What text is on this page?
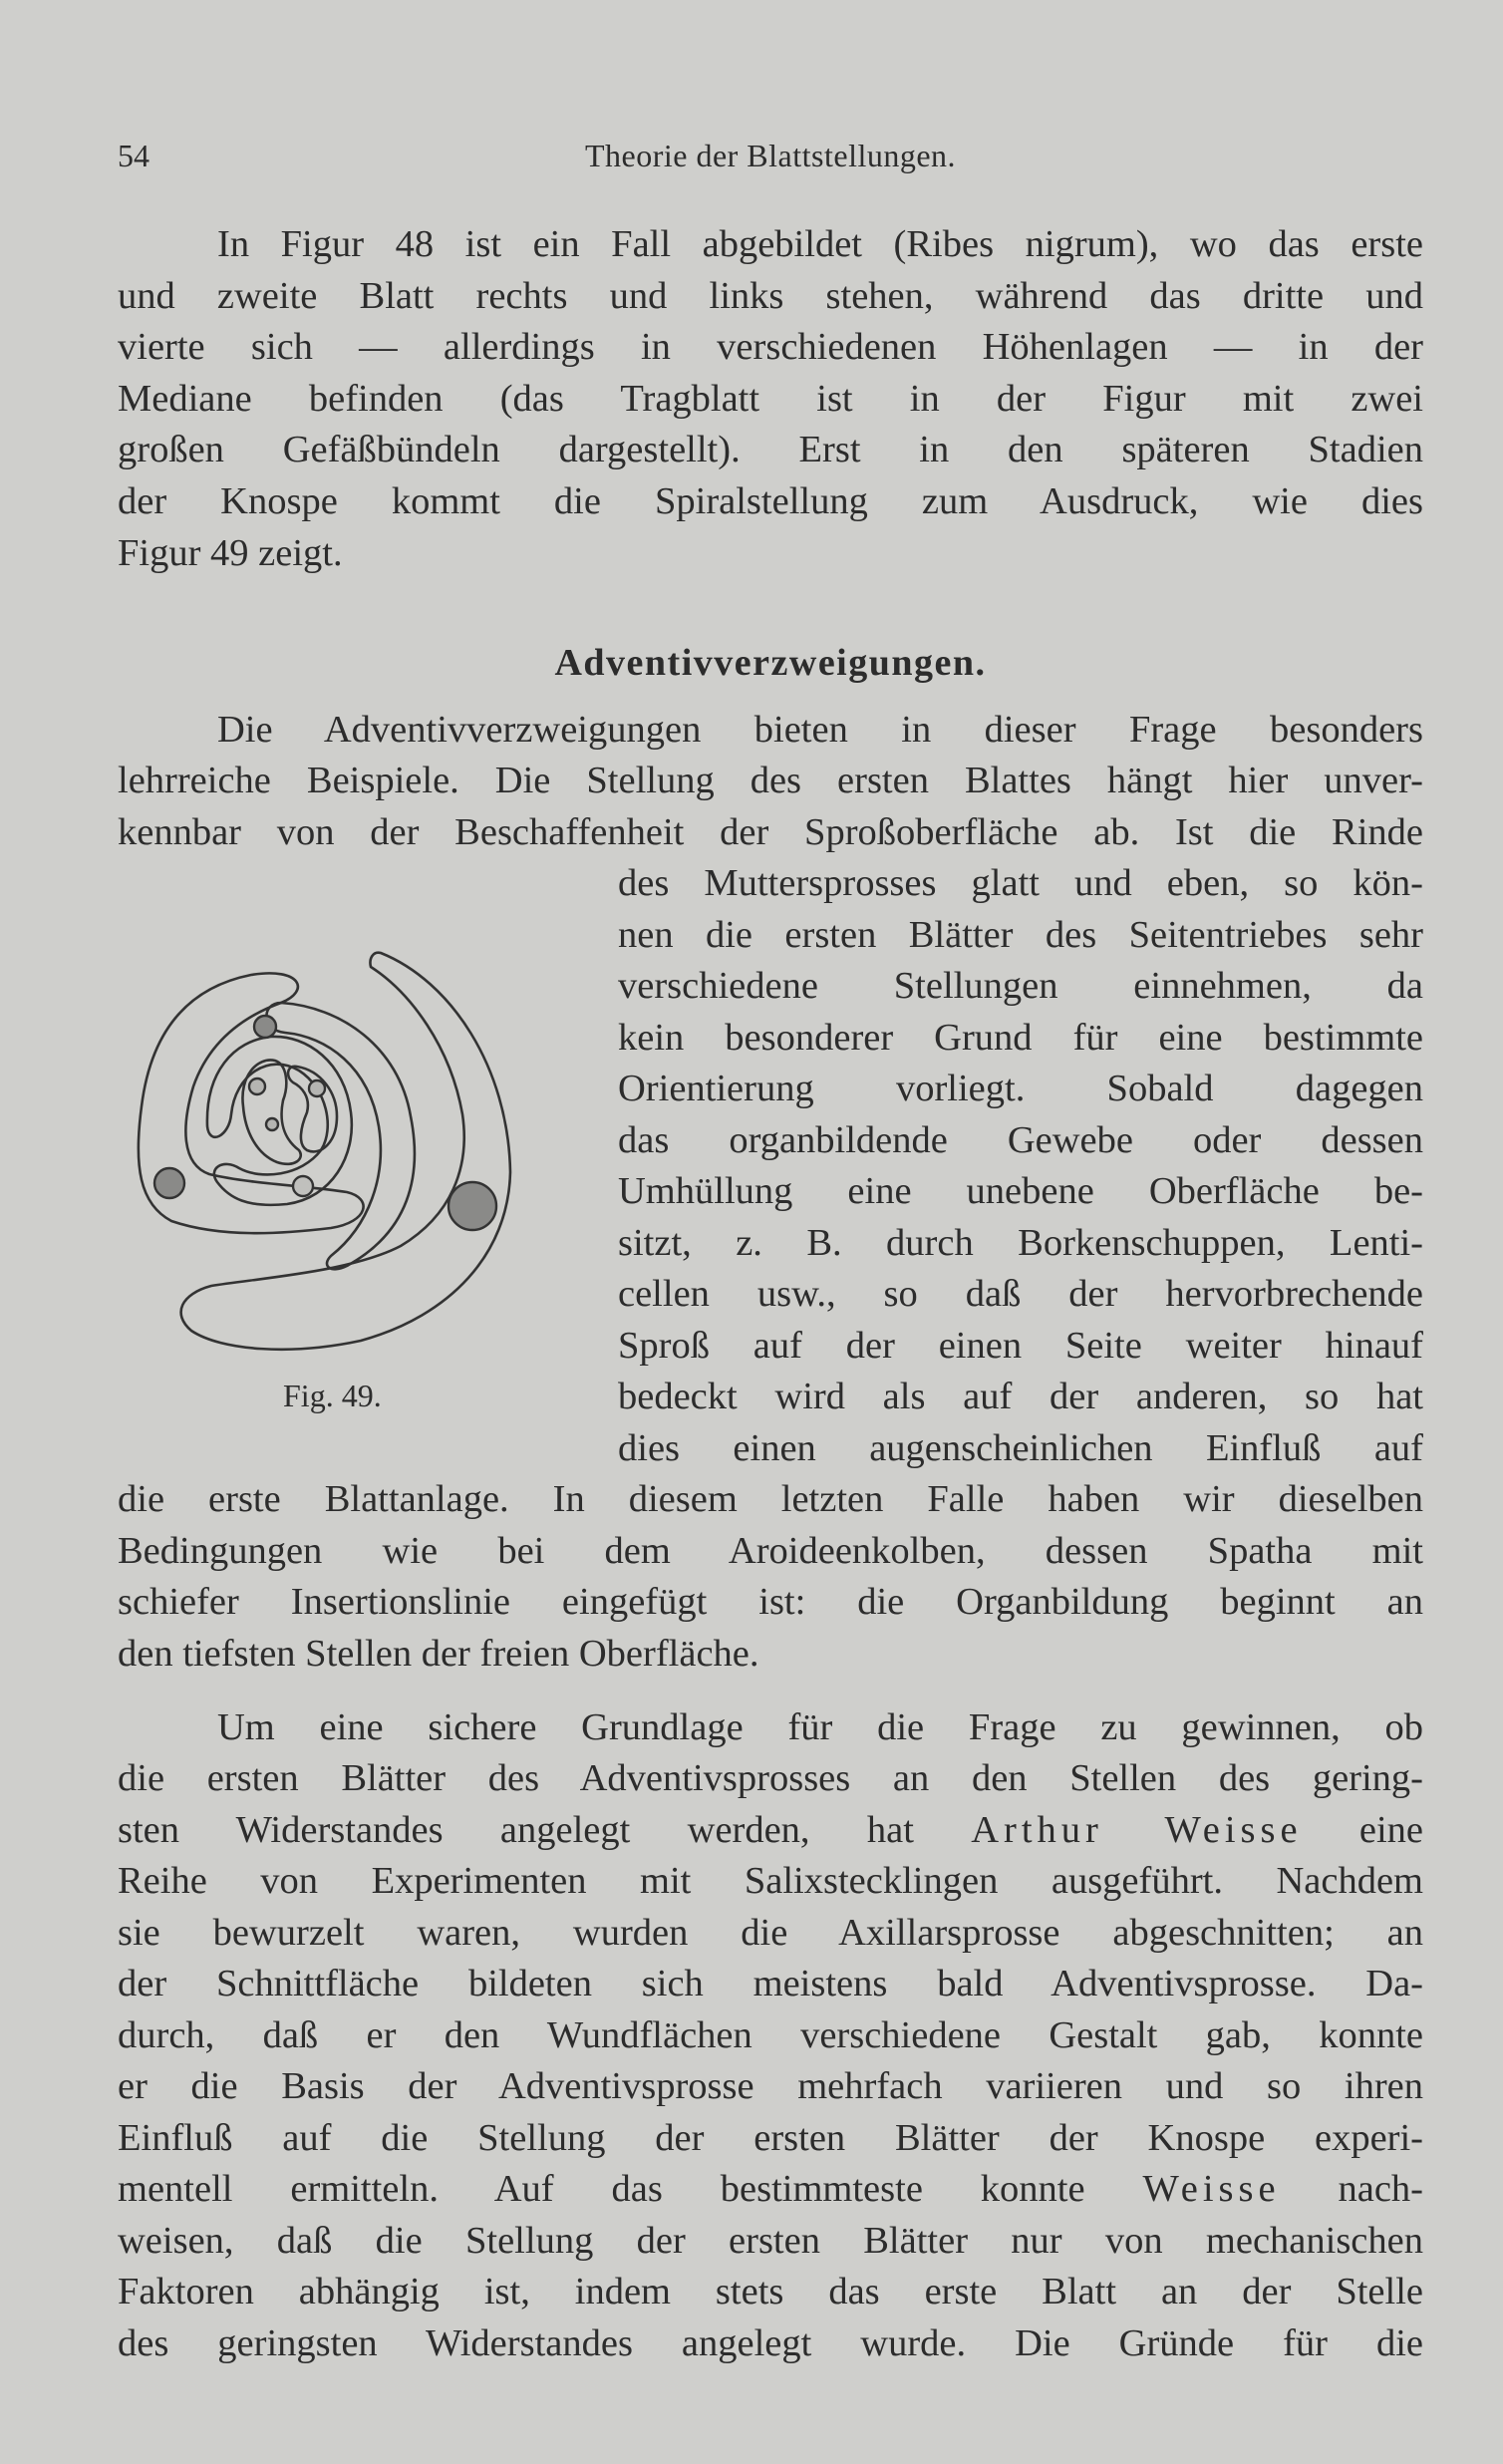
54	Theorie der Blattstellungen.
In Figur 48 ist ein Fall abgebildet (Ribes nigrum), wo das erste
und zweite Blatt rechts und links stehen, während das dritte und
vierte sich — allerdings in verschiedenen Höhenlagen — in der
Mediane befinden (das Tragblatt ist in der Figur mit zwei
großen Gefäßbündeln dargestellt). Erst in den späteren Stadien
der Knospe kommt die Spiralstellung zum Ausdruck, wie dies
Figur 49 zeigt.
Adventivverzweigungen.
Die Adventivverzweigungen bieten in dieser Frage besonders
lehrreiche Beispiele. Die Stellung des ersten Blattes hängt hier unver-
kennbar von der Beschaffenheit der Sproßoberfläche ab. Ist die Rinde
des Muttersprosses glatt und eben, so kön-
nen die ersten Blätter des Seitentriebes sehr
verschiedene Stellungen einnehmen, da
kein besonderer Grund für eine bestimmte
Orientierung vorliegt. Sobald dagegen
das organbildende Gewebe oder dessen
Umhüllung eine unebene Oberfläche be-
sitzt, z. B. durch Borkenschuppen, Lenti-
cellen usw., so daß der hervorbrechende
Sproß auf der einen Seite weiter hinauf
bedeckt wird als auf der anderen, so hat
dies einen augenscheinlichen Einfluß auf
die erste Blattanlage. In diesem letzten Falle haben wir dieselben
Bedingungen wie bei dem Aroideenkolben, dessen Spatha mit
schiefer Insertionslinie eingefügt ist: die Organbildung beginnt an
den tiefsten Stellen der freien Oberfläche.
Fig. 49.
Um eine sichere Grundlage für die Frage zu gewinnen, ob
die ersten Blätter des Adventivsprosses an den Stellen des gering-
sten Widerstandes angelegt werden, hat Arthur Weisse eine
Reihe von Experimenten mit Salixstecklingen ausgeführt. Nachdem
sie bewurzelt waren, wurden die Axillarsprosse abgeschnitten; an
der Schnittfläche bildeten sich meistens bald Adventivsprosse. Da-
durch, daß er den Wundflächen verschiedene Gestalt gab, konnte
er die Basis der Adventivsprosse mehrfach variieren und so ihren
Einfluß auf die Stellung der ersten Blätter der Knospe experi-
mentell ermitteln. Auf das bestimmteste konnte Weisse nach-
weisen, daß die Stellung der ersten Blätter nur von mechanischen
Faktoren abhängig ist, indem stets das erste Blatt an der Stelle
des geringsten Widerstandes angelegt wurde. Die Gründe für die
